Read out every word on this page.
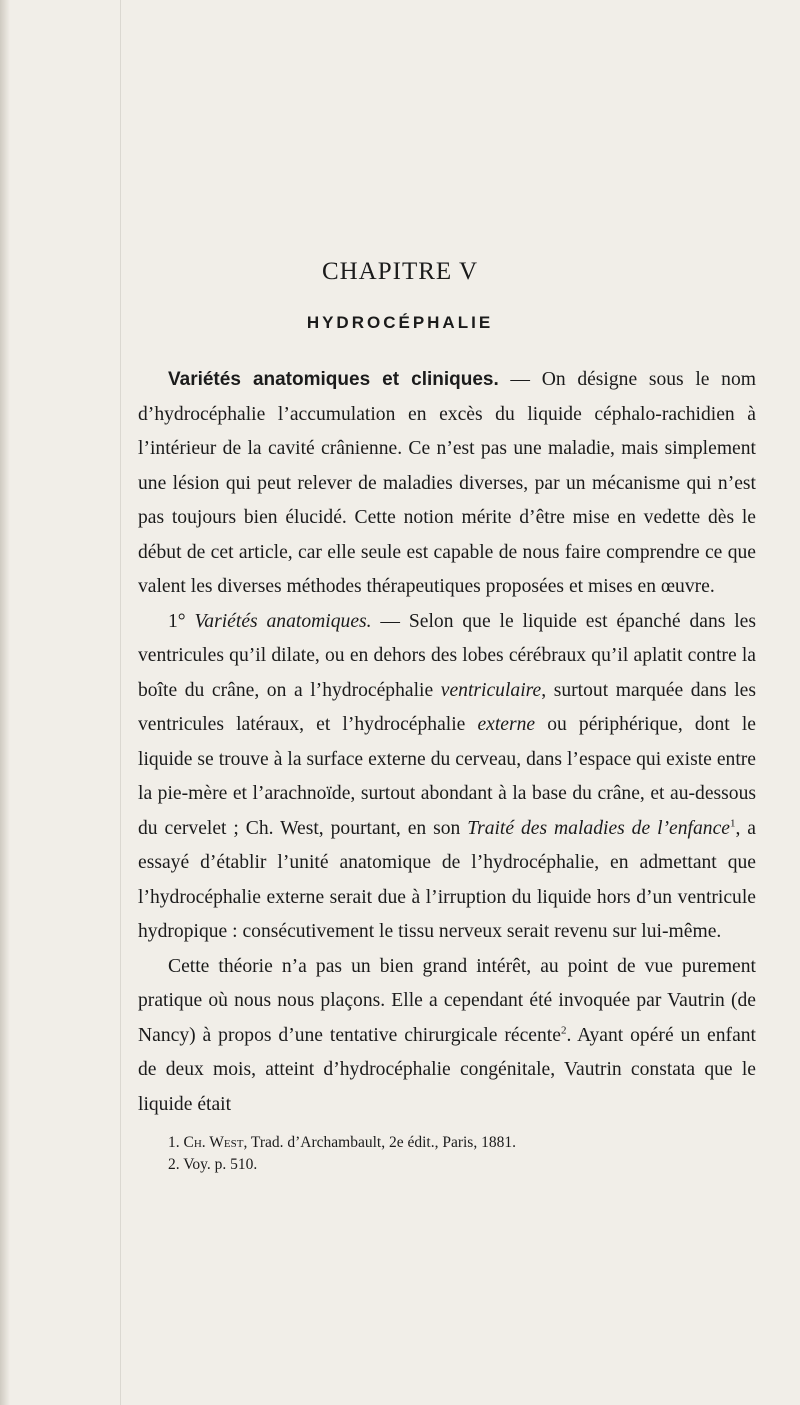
CHAPITRE V
HYDROCÉPHALIE

Variétés anatomiques et cliniques. — On désigne sous le nom d’hydrocéphalie l’accumulation en excès du liquide céphalo-rachidien à l’intérieur de la cavité crânienne. Ce n’est pas une maladie, mais simplement une lésion qui peut relever de maladies diverses, par un mécanisme qui n’est pas toujours bien élucidé. Cette notion mérite d’être mise en vedette dès le début de cet article, car elle seule est capable de nous faire comprendre ce que valent les diverses méthodes thérapeutiques proposées et mises en œuvre.

1° Variétés anatomiques. — Selon que le liquide est épanché dans les ventricules qu’il dilate, ou en dehors des lobes cérébraux qu’il aplatit contre la boîte du crâne, on a l’hydrocéphalie ventriculaire, surtout marquée dans les ventricules latéraux, et l’hydrocéphalie externe ou périphérique, dont le liquide se trouve à la surface externe du cerveau, dans l’espace qui existe entre la pie-mère et l’arachnoïde, surtout abondant à la base du crâne, et au-dessous du cervelet ; Ch. West, pourtant, en son Traité des maladies de l’enfance$^1$, a essayé d’établir l’unité anatomique de l’hydrocéphalie, en admettant que l’hydrocéphalie externe serait due à l’irruption du liquide hors d’un ventricule hydropique : consécutivement le tissu nerveux serait revenu sur lui-même.

Cette théorie n’a pas un bien grand intérêt, au point de vue purement pratique où nous nous plaçons. Elle a cependant été invoquée par Vautrin (de Nancy) à propos d’une tentative chirurgicale récente$^2$. Ayant opéré un enfant de deux mois, atteint d’hydrocéphalie congénitale, Vautrin constata que le liquide était

1. Ch. West, Trad. d’Archambault, 2e édit., Paris, 1881.
2. Voy. p. 510.
